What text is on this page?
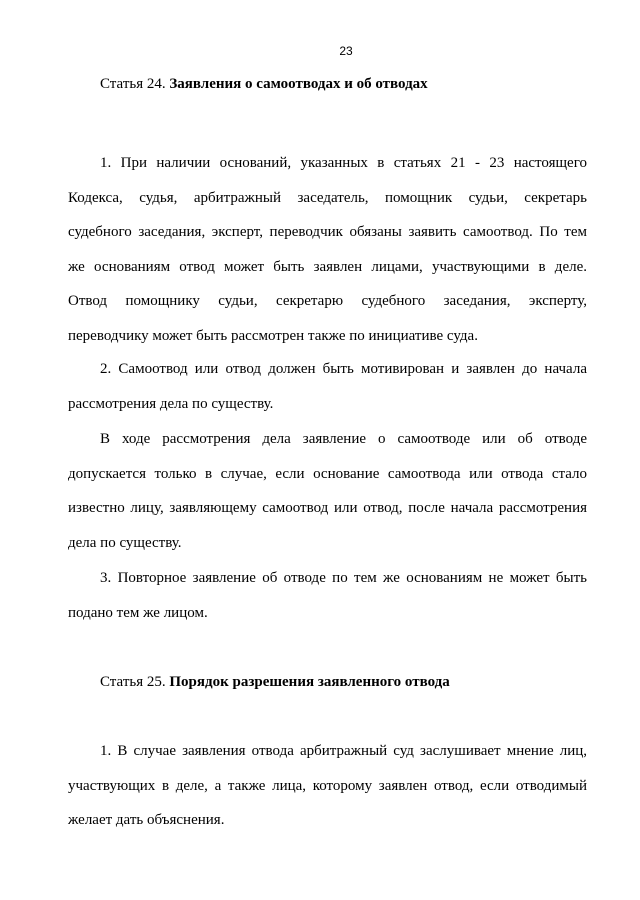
23
Статья 24. Заявления о самоотводах и об отводах
1. При наличии оснований, указанных в статьях 21 - 23 настоящего
Кодекса, судья, арбитражный заседатель, помощник судьи, секретарь
судебного заседания, эксперт, переводчик обязаны заявить самоотвод. По тем
же основаниям отвод может быть заявлен лицами, участвующими в деле.
Отвод помощнику судьи, секретарю судебного заседания, эксперту,
переводчику может быть рассмотрен также по инициативе суда.
2. Самоотвод или отвод должен быть мотивирован и заявлен до начала
рассмотрения дела по существу.
В ходе рассмотрения дела заявление о самоотводе или об отводе
допускается только в случае, если основание самоотвода или отвода стало
известно лицу, заявляющему самоотвод или отвод, после начала рассмотрения
дела по существу.
3. Повторное заявление об отводе по тем же основаниям не может быть
подано тем же лицом.
Статья 25. Порядок разрешения заявленного отвода
1. В случае заявления отвода арбитражный суд заслушивает мнение лиц,
участвующих в деле, а также лица, которому заявлен отвод, если отводимый
желает дать объяснения.
